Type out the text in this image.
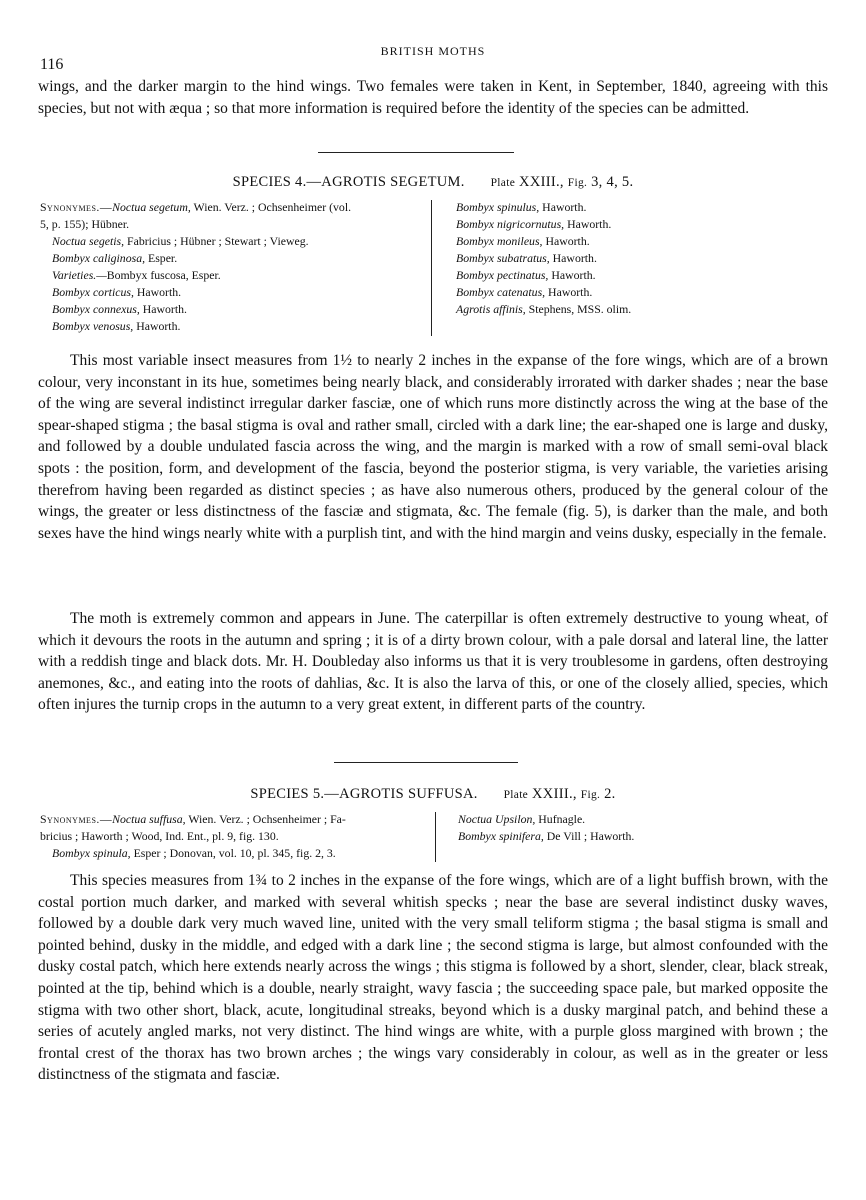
116
BRITISH MOTHS

wings, and the darker margin to the hind wings. Two females were taken in Kent, in September, 1840, agreeing with this species, but not with æqua ; so that more information is required before the identity of the species can be admitted.

SPECIES 4.—AGROTIS SEGETUM. Plate XXIII., Fig. 3, 4, 5.
Synonymes.—Noctua segetum, Wien. Verz. ; Ochsenheimer (vol.
5, p. 155); Hübner.
Noctua segetis, Fabricius ; Hübner ; Stewart ; Vieweg.
Bombyx caliginosa, Esper.
Varieties.—Bombyx fuscosa, Esper.
Bombyx corticus, Haworth.
Bombyx connexus, Haworth.
Bombyx venosus, Haworth.
Bombyx spinulus, Haworth.
Bombyx nigricornutus, Haworth.
Bombyx monileus, Haworth.
Bombyx subatratus, Haworth.
Bombyx pectinatus, Haworth.
Bombyx catenatus, Haworth.
Agrotis affinis, Stephens, MSS. olim.

This most variable insect measures from 1½ to nearly 2 inches in the expanse of the fore wings, which are of a brown colour, very inconstant in its hue, sometimes being nearly black, and considerably irrorated with darker shades ; near the base of the wing are several indistinct irregular darker fasciæ, one of which runs more distinctly across the wing at the base of the spear-shaped stigma ; the basal stigma is oval and rather small, circled with a dark line; the ear-shaped one is large and dusky, and followed by a double undulated fascia across the wing, and the margin is marked with a row of small semi-oval black spots : the position, form, and development of the fascia, beyond the posterior stigma, is very variable, the varieties arising therefrom having been regarded as distinct species ; as have also numerous others, produced by the general colour of the wings, the greater or less distinctness of the fasciæ and stigmata, &c. The female (fig. 5), is darker than the male, and both sexes have the hind wings nearly white with a purplish tint, and with the hind margin and veins dusky, especially in the female.

The moth is extremely common and appears in June. The caterpillar is often extremely destructive to young wheat, of which it devours the roots in the autumn and spring ; it is of a dirty brown colour, with a pale dorsal and lateral line, the latter with a reddish tinge and black dots. Mr. H. Doubleday also informs us that it is very troublesome in gardens, often destroying anemones, &c., and eating into the roots of dahlias, &c. It is also the larva of this, or one of the closely allied, species, which often injures the turnip crops in the autumn to a very great extent, in different parts of the country.

SPECIES 5.—AGROTIS SUFFUSA. Plate XXIII., Fig. 2.
Synonymes.—Noctua suffusa, Wien. Verz. ; Ochsenheimer ; Fa-
bricius ; Haworth ; Wood, Ind. Ent., pl. 9, fig. 130.
Bombyx spinula, Esper ; Donovan, vol. 10, pl. 345, fig. 2, 3.
Noctua Upsilon, Hufnagle.
Bombyx spinifera, De Vill ; Haworth.

This species measures from 1¾ to 2 inches in the expanse of the fore wings, which are of a light buffish brown, with the costal portion much darker, and marked with several whitish specks ; near the base are several indistinct dusky waves, followed by a double dark very much waved line, united with the very small teliform stigma ; the basal stigma is small and pointed behind, dusky in the middle, and edged with a dark line ; the second stigma is large, but almost confounded with the dusky costal patch, which here extends nearly across the wings ; this stigma is followed by a short, slender, clear, black streak, pointed at the tip, behind which is a double, nearly straight, wavy fascia ; the succeeding space pale, but marked opposite the stigma with two other short, black, acute, longitudinal streaks, beyond which is a dusky marginal patch, and behind these a series of acutely angled marks, not very distinct. The hind wings are white, with a purple gloss margined with brown ; the frontal crest of the thorax has two brown arches ; the wings vary considerably in colour, as well as in the greater or less distinctness of the stigmata and fasciæ.
